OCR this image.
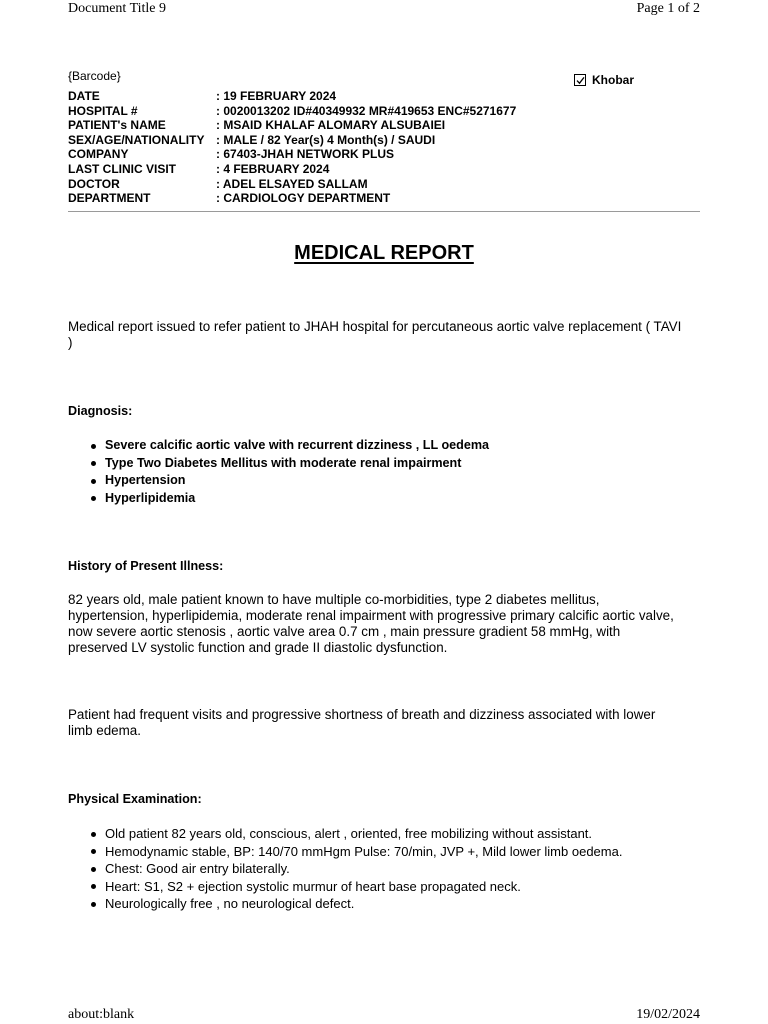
Document Title 9	Page 1 of 2
{Barcode}	Khobar
DATE	: 19 FEBRUARY 2024
HOSPITAL #	: 0020013202 ID#40349932 MR#419653 ENC#5271677
PATIENT's NAME	: MSAID KHALAF ALOMARY ALSUBAIEI
SEX/AGE/NATIONALITY	: MALE / 82 Year(s) 4 Month(s) / SAUDI
COMPANY	: 67403-JHAH NETWORK PLUS
LAST CLINIC VISIT	: 4 FEBRUARY 2024
DOCTOR	: ADEL ELSAYED SALLAM
DEPARTMENT	: CARDIOLOGY DEPARTMENT
MEDICAL REPORT

Medical report issued to refer patient to JHAH hospital for percutaneous aortic valve replacement ( TAVI )

Diagnosis:
Severe calcific aortic valve with recurrent dizziness , LL oedema
Type Two Diabetes Mellitus with moderate renal impairment
Hypertension
Hyperlipidemia
History of Present Illness:

82 years old, male patient known to have multiple co-morbidities, type 2 diabetes mellitus, hypertension, hyperlipidemia, moderate renal impairment with progressive primary calcific aortic valve, now severe aortic stenosis , aortic valve area 0.7 cm , main pressure gradient 58 mmHg, with preserved LV systolic function and grade II diastolic dysfunction.

Patient had frequent visits and progressive shortness of breath and dizziness associated with lower limb edema.

Physical Examination:
Old patient 82 years old, conscious, alert , oriented, free mobilizing without assistant.
Hemodynamic stable, BP: 140/70 mmHgm Pulse: 70/min, JVP +, Mild lower limb oedema.
Chest: Good air entry bilaterally.
Heart: S1, S2 + ejection systolic murmur of heart base propagated neck.
Neurologically free , no neurological defect.
about:blank	19/02/2024
